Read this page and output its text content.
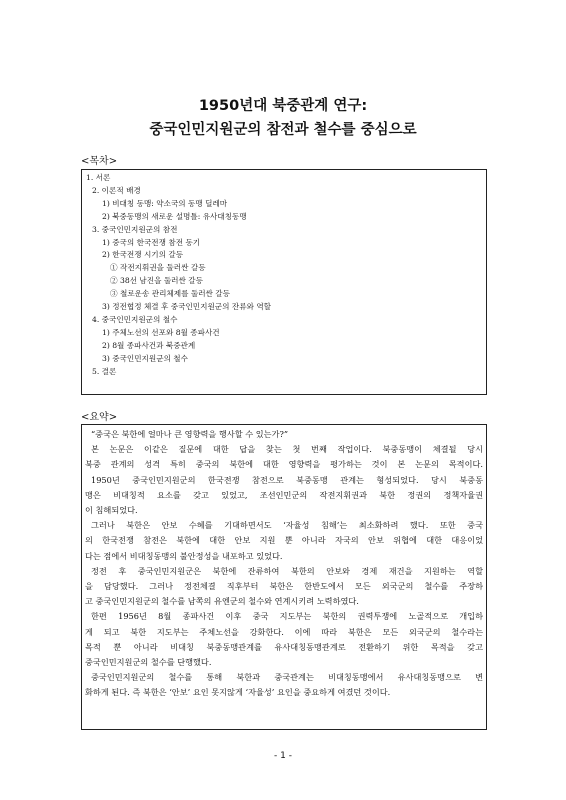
1950년대 북중관계 연구:
중국인민지원군의 참전과 철수를 중심으로
<목차>
1. 서론
2. 이론적 배경
1) 비대칭 동맹: 약소국의 동맹 딜레마
2) 북중동맹의 새로운 설명틀: 유사대칭동맹
3. 중국인민지원군의 참전
1) 중국의 한국전쟁 참전 동기
2) 한국전쟁 시기의 갈등
① 작전지휘권을 둘러싼 갈등
② 38선 남진을 둘러싼 갈등
③ 철로운송 관리체제를 둘러싼 갈등
3) 정전협정 체결 후 중국인민지원군의 잔류와 역할
4. 중국인민지원군의 철수
1) 주체노선의 선포와 8월 종파사건
2) 8월 종파사건과 북중관계
3) 중국인민지원군의 철수
5. 결론
<요약>
“중국은 북한에 얼마나 큰 영향력을 행사할 수 있는가?”
본 논문은 이같은 질문에 대한 답을 찾는 첫 번째 작업이다. 북중동맹이 체결될 당시
북중 관계의 성격 특히 중국의 북한에 대한 영향력을 평가하는 것이 본 논문의 목적이다.
1950년 중국인민지원군의 한국전쟁 참전으로 북중동맹 관계는 형성되었다. 당시 북중동
맹은 비대칭적 요소를 갖고 있었고, 조선인민군의 작전지휘권과 북한 정권의 정책자율권
이 침해되었다.
그러나 북한은 안보 수혜를 기대하면서도 ‘자율성 침해’는 최소화하려 했다. 또한 중국
의 한국전쟁 참전은 북한에 대한 안보 지원 뿐 아니라 자국의 안보 위협에 대한 대응이었
다는 점에서 비대칭동맹의 불안정성을 내포하고 있었다.
정전 후 중국인민지원군은 북한에 잔류하여 북한의 안보와 경제 재건을 지원하는 역할
을 담당했다. 그러나 정전체결 직후부터 북한은 한반도에서 모든 외국군의 철수를 주장하
고 중국인민지원군의 철수를 남쪽의 유엔군의 철수와 연계시키려 노력하였다.
한편 1956년 8월 종파사건 이후 중국 지도부는 북한의 권력투쟁에 노골적으로 개입하
게 되고 북한 지도부는 주체노선을 강화한다. 이에 따라 북한은 모든 외국군의 철수라는
목적 뿐 아니라 비대칭 북중동맹관계를 유사대칭동맹관계로 전환하기 위한 목적을 갖고
중국인민지원군의 철수를 단행했다.
중국인민지원군의 철수를 통해 북한과 중국관계는 비대칭동맹에서 유사대칭동맹으로 변
화하게 된다. 즉 북한은 ‘안보’ 요인 못지않게 ‘자율성’ 요인을 중요하게 여겼던 것이다.
- 1 -
